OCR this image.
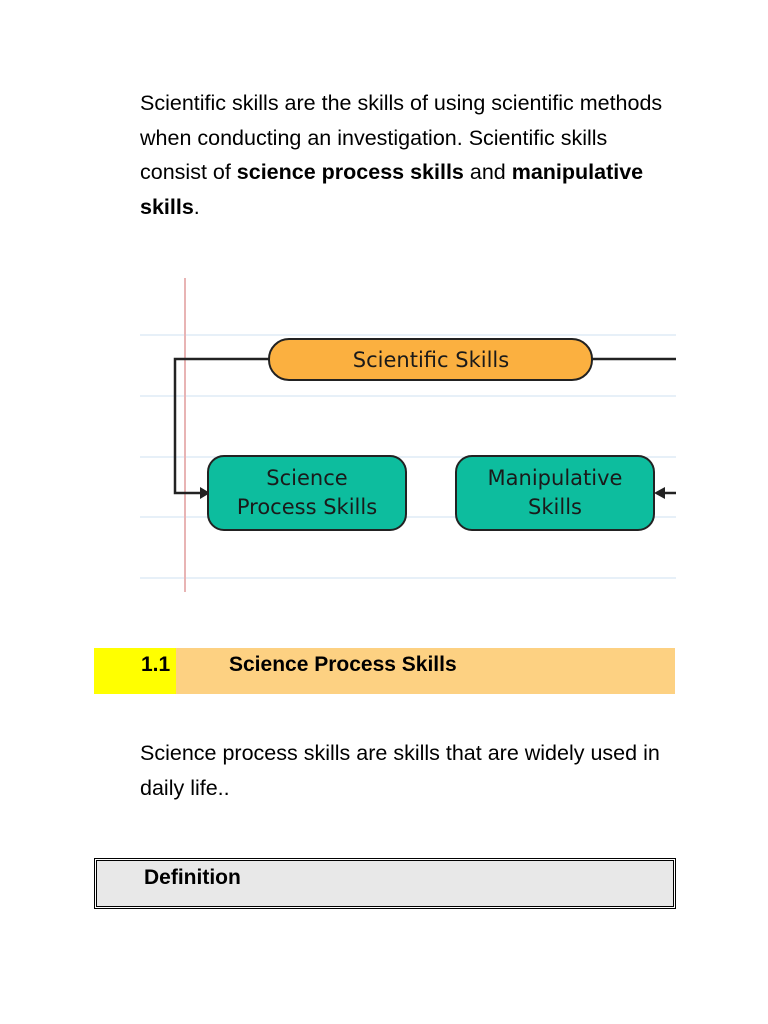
Scientific skills are the skills of using scientific methods when conducting an investigation. Scientific skills consist of science process skills and manipulative skills.

Scientific Skills
Science
Process Skills
Manipulative
Skills
1.1	Science Process Skills

Science process skills are skills that are widely used in daily life..

Definition
